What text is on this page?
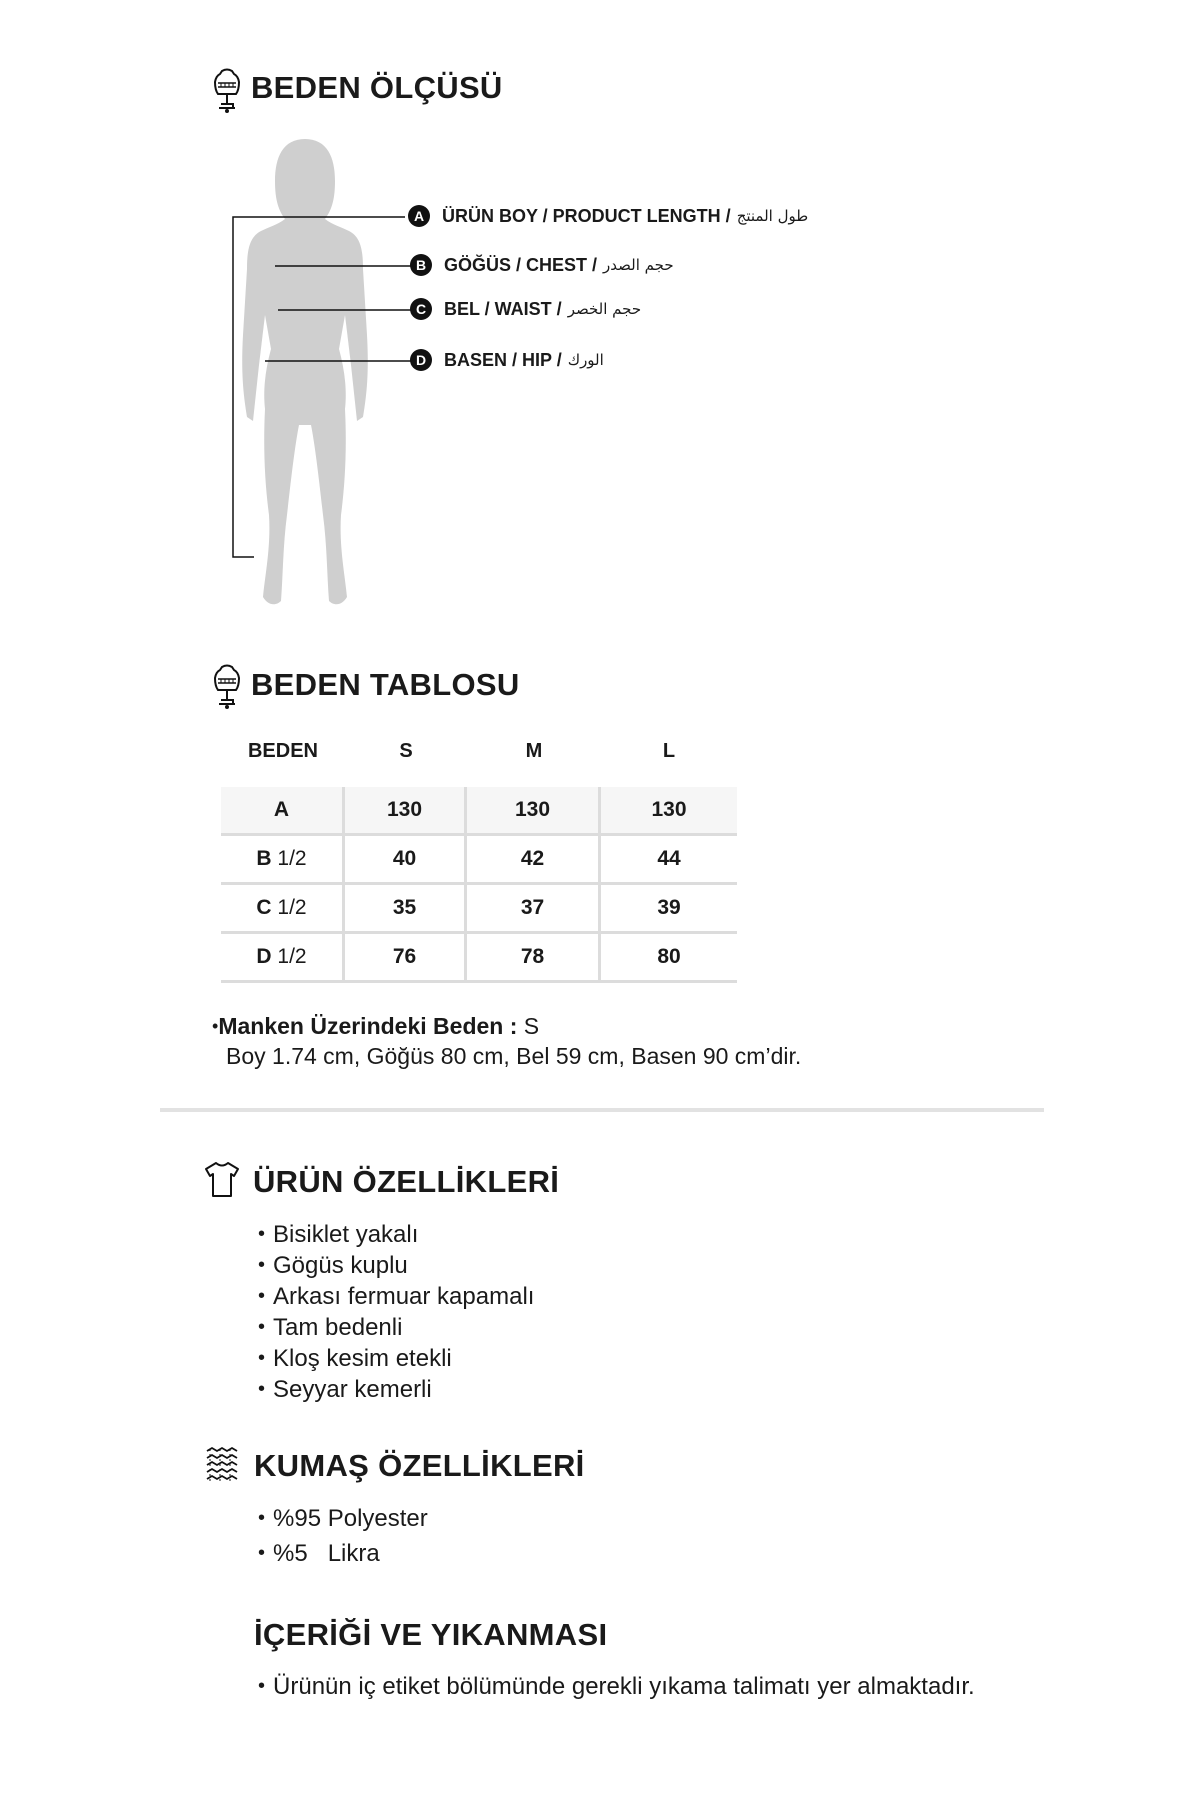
BEDEN ÖLÇÜSÜ
A ÜRÜN BOY / PRODUCT LENGTH / طول المنتج
B GÖĞÜS / CHEST / حجم الصدر
C BEL / WAIST / حجم الخصر
D BASEN / HIP / الورك
BEDEN TABLOSU
BEDEN	S	M	L
A	130	130	130
B 1/2	40	42	44
C 1/2	35	37	39
D 1/2	76	78	80
•Manken Üzerindeki Beden : S
Boy 1.74 cm, Göğüs 80 cm, Bel 59 cm, Basen 90 cm’dir.
ÜRÜN ÖZELLİKLERİ
• Bisiklet yakalı
• Gögüs kuplu
• Arkası fermuar kapamalı
• Tam bedenli
• Kloş kesim etekli
• Seyyar kemerli
KUMAŞ ÖZELLİKLERİ
• %95 Polyester
• %5   Likra
İÇERİĞİ VE YIKANMASI
• Ürünün iç etiket bölümünde gerekli yıkama talimatı yer almaktadır.
